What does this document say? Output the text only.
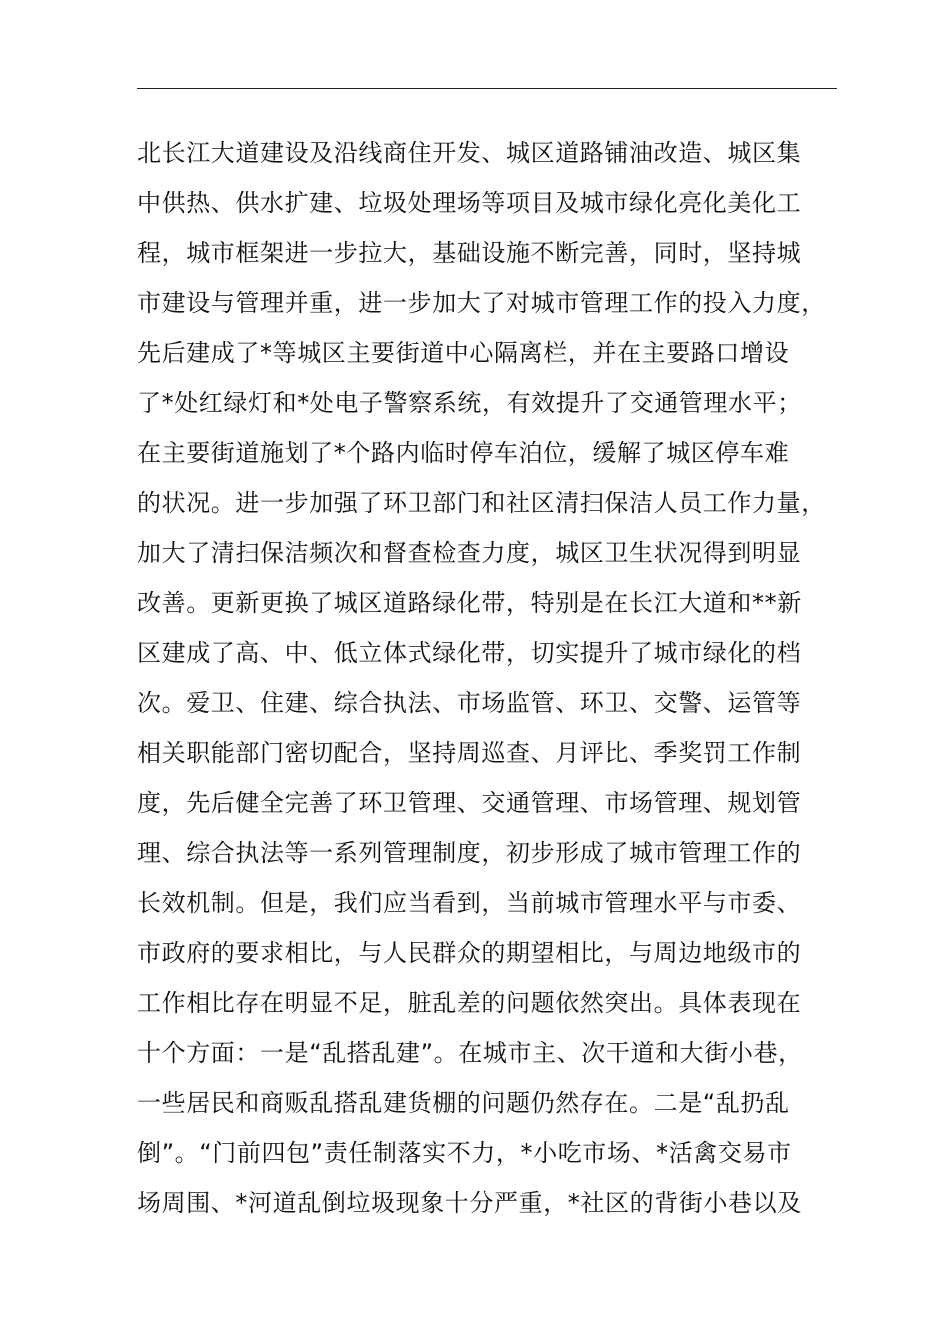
北长江大道建设及沿线商住开发、城区道路铺油改造、城区集
中供热、供水扩建、垃圾处理场等项目及城市绿化亮化美化工
程，城市框架进一步拉大，基础设施不断完善，同时，坚持城
市建设与管理并重，进一步加大了对城市管理工作的投入力度，
先后建成了*等城区主要街道中心隔离栏，并在主要路口增设
了*处红绿灯和*处电子警察系统，有效提升了交通管理水平；
在主要街道施划了*个路内临时停车泊位，缓解了城区停车难
的状况。进一步加强了环卫部门和社区清扫保洁人员工作力量，
加大了清扫保洁频次和督查检查力度，城区卫生状况得到明显
改善。更新更换了城区道路绿化带，特别是在长江大道和**新
区建成了高、中、低立体式绿化带，切实提升了城市绿化的档
次。爱卫、住建、综合执法、市场监管、环卫、交警、运管等
相关职能部门密切配合，坚持周巡查、月评比、季奖罚工作制
度，先后健全完善了环卫管理、交通管理、市场管理、规划管
理、综合执法等一系列管理制度，初步形成了城市管理工作的
长效机制。但是，我们应当看到，当前城市管理水平与市委、
市政府的要求相比，与人民群众的期望相比，与周边地级市的
工作相比存在明显不足，脏乱差的问题依然突出。具体表现在
十个方面：一是“乱搭乱建”。在城市主、次干道和大街小巷，
一些居民和商贩乱搭乱建货棚的问题仍然存在。二是“乱扔乱
倒”。“门前四包”责任制落实不力，*小吃市场、*活禽交易市
场周围、*河道乱倒垃圾现象十分严重，*社区的背街小巷以及
